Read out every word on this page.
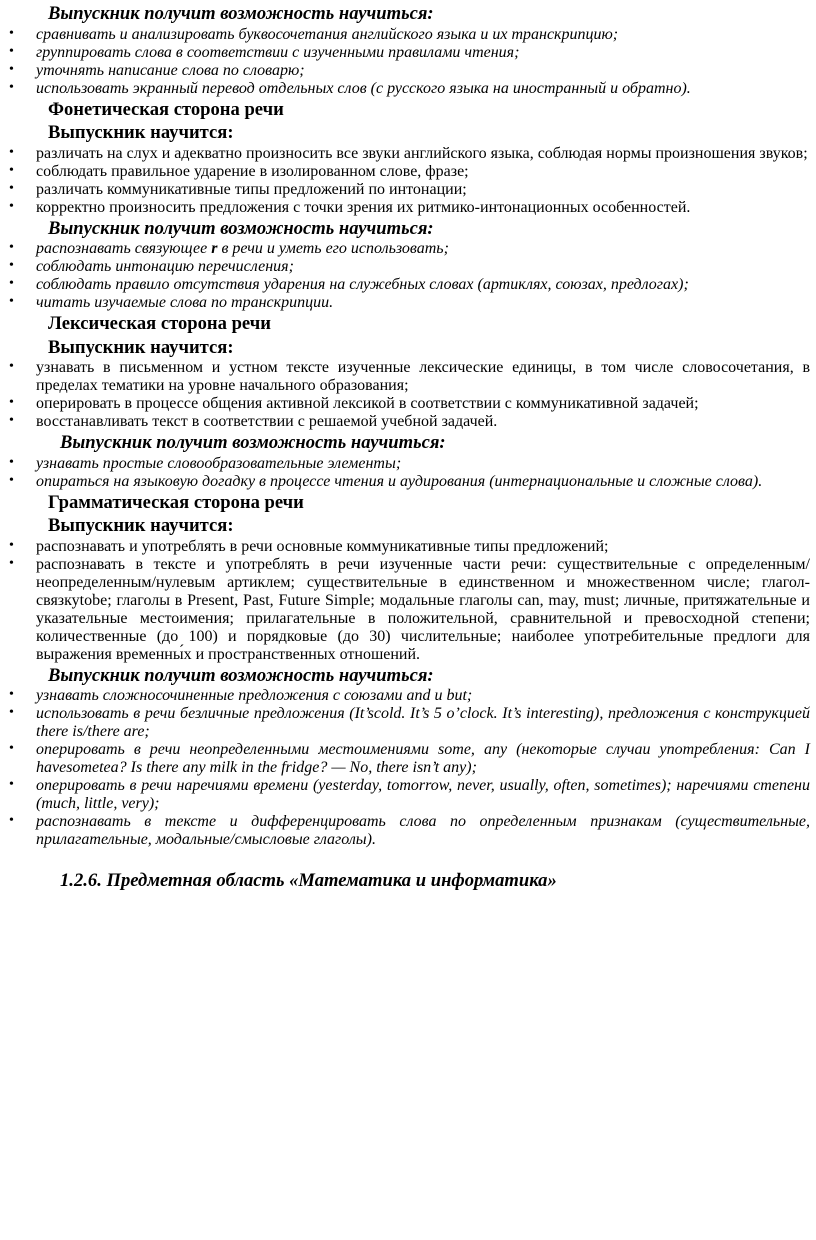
Выпускник получит возможность научиться:

• сравнивать и анализировать буквосочетания английского языка и их транскрипцию;
• группировать слова в соответствии с изученными правилами чтения;
• уточнять написание слова по словарю;
• использовать экранный перевод отдельных слов (с русского языка на иностранный и обратно).

Фонетическая сторона речи

Выпускник научится:

• различать на слух и адекватно произносить все звуки английского языка, соблюдая нормы произношения звуков;
• соблюдать правильное ударение в изолированном слове, фразе;
• различать коммуникативные типы предложений по интонации;
• корректно произносить предложения с точки зрения их ритмико-интонационных особенностей.

Выпускник получит возможность научиться:

• распознавать связующее r в речи и уметь его использовать;
• соблюдать интонацию перечисления;
• соблюдать правило отсутствия ударения на служебных словах (артиклях, союзах, предлогах);
• читать изучаемые слова по транскрипции.

Лексическая сторона речи

Выпускник научится:

• узнавать в письменном и устном тексте изученные лексические единицы, в том числе словосочетания, в пределах тематики на уровне начального образования;
• оперировать в процессе общения активной лексикой в соответствии с коммуникативной задачей;
• восстанавливать текст в соответствии с решаемой учебной задачей.

Выпускник получит возможность научиться:

• узнавать простые словообразовательные элементы;
• опираться на языковую догадку в процессе чтения и аудирования (интернациональные и сложные слова).

Грамматическая сторона речи

Выпускник научится:

• распознавать и употреблять в речи основные коммуникативные типы предложений;
• распознавать в тексте и употреблять в речи изученные части речи: существительные с определенным/неопределенным/нулевым артиклем; существительные в единственном и множественном числе; глагол-связкуtobe; глаголы в Present, Past, Future Simple; модальные глаголы can, may, must; личные, притяжательные и указательные местоимения; прилагательные в положительной, сравнительной и превосходной степени; количественные (до 100) и порядковые (до 30) числительные; наиболее употребительные предлоги для выражения временны́х и пространственных отношений.

Выпускник получит возможность научиться:

• узнавать сложносочиненные предложения с союзами and и but;
• использовать в речи безличные предложения (It’scold. It’s 5 o’clock. It’s interesting), предложения с конструкцией there is/there are;
• оперировать в речи неопределенными местоимениями some, any (некоторые случаи употребления: Can I havesometea? Is there any milk in the fridge? — No, there isn’t any);
• оперировать в речи наречиями времени (yesterday, tomorrow, never, usually, often, sometimes); наречиями степени (much, little, very);
• распознавать в тексте и дифференцировать слова по определенным признакам (существительные, прилагательные, модальные/смысловые глаголы).

1.2.6. Предметная область «Математика и информатика»
